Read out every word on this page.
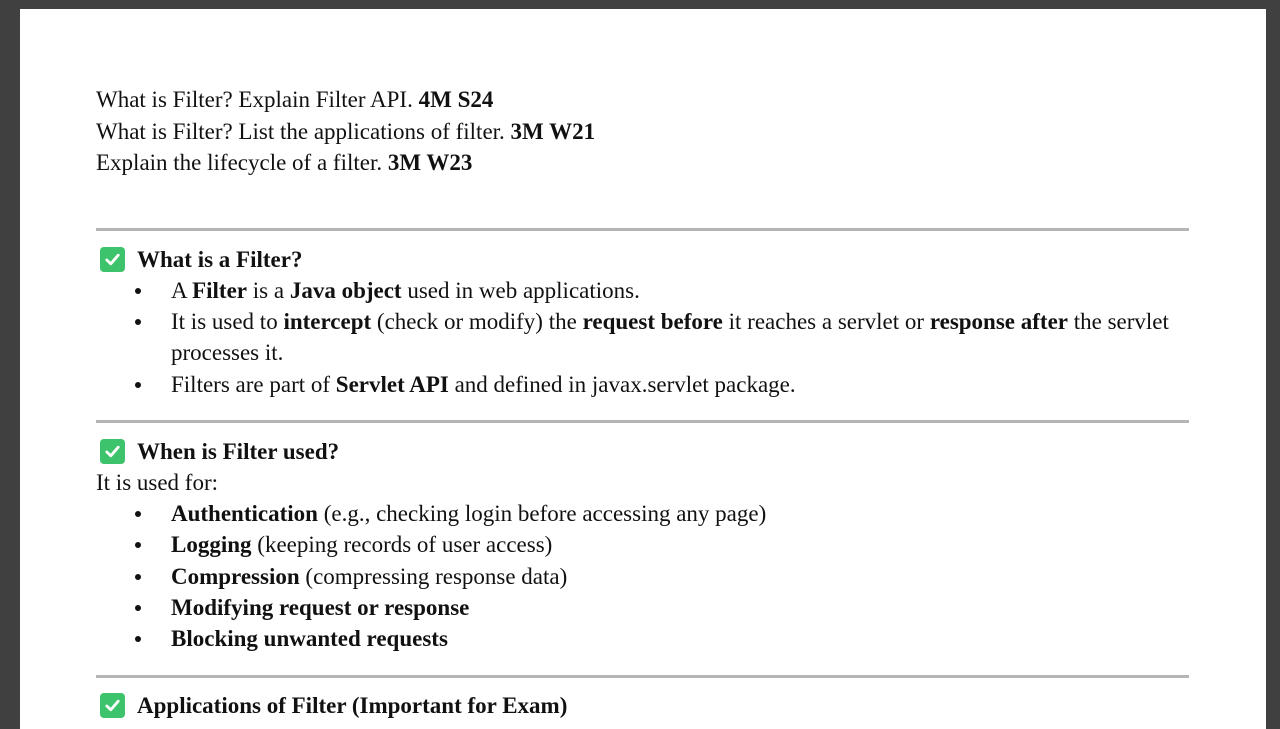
What is Filter? Explain Filter API. 4M S24
What is Filter? List the applications of filter. 3M W21
Explain the lifecycle of a filter. 3M W23
What is a Filter?
A Filter is a Java object used in web applications.
It is used to intercept (check or modify) the request before it reaches a servlet or response after the servlet processes it.
Filters are part of Servlet API and defined in javax.servlet package.
When is Filter used?
It is used for:
Authentication (e.g., checking login before accessing any page)
Logging (keeping records of user access)
Compression (compressing response data)
Modifying request or response
Blocking unwanted requests
Applications of Filter (Important for Exam)
